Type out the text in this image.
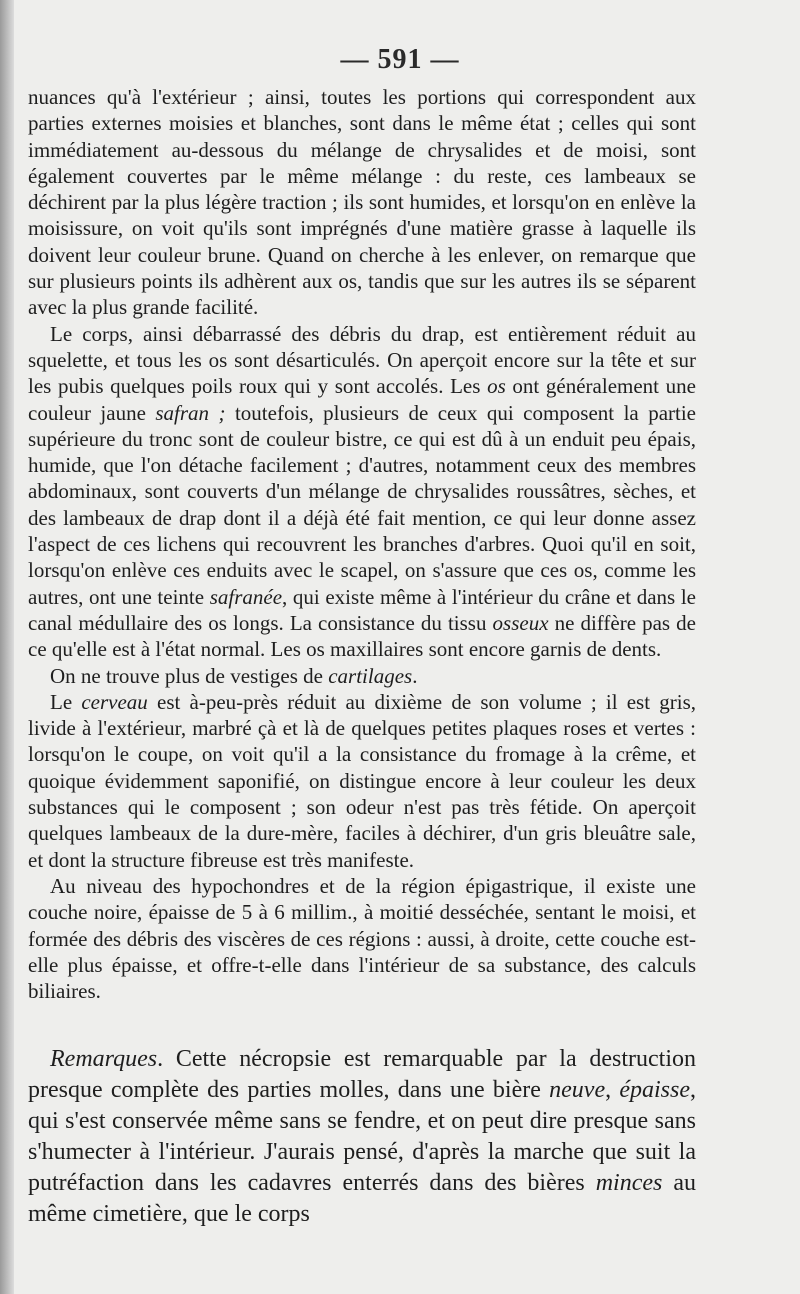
— 591 —

nuances qu'à l'extérieur ; ainsi, toutes les portions qui correspondent aux parties externes moisies et blanches, sont dans le même état ; celles qui sont immédiatement au-dessous du mélange de chrysalides et de moisi, sont également couvertes par le même mélange : du reste, ces lambeaux se déchirent par la plus légère traction ; ils sont humides, et lorsqu'on en enlève la moisissure, on voit qu'ils sont imprégnés d'une matière grasse à laquelle ils doivent leur couleur brune. Quand on cherche à les enlever, on remarque que sur plusieurs points ils adhèrent aux os, tandis que sur les autres ils se séparent avec la plus grande facilité.

Le corps, ainsi débarrassé des débris du drap, est entièrement réduit au squelette, et tous les os sont désarticulés. On aperçoit encore sur la tête et sur les pubis quelques poils roux qui y sont accolés. Les os ont généralement une couleur jaune safran ; toutefois, plusieurs de ceux qui composent la partie supérieure du tronc sont de couleur bistre, ce qui est dû à un enduit peu épais, humide, que l'on détache facilement ; d'autres, notamment ceux des membres abdominaux, sont couverts d'un mélange de chrysalides roussâtres, sèches, et des lambeaux de drap dont il a déjà été fait mention, ce qui leur donne assez l'aspect de ces lichens qui recouvrent les branches d'arbres. Quoi qu'il en soit, lorsqu'on enlève ces enduits avec le scapel, on s'assure que ces os, comme les autres, ont une teinte safranée, qui existe même à l'intérieur du crâne et dans le canal médullaire des os longs. La consistance du tissu osseux ne diffère pas de ce qu'elle est à l'état normal. Les os maxillaires sont encore garnis de dents.

On ne trouve plus de vestiges de cartilages.

Le cerveau est à-peu-près réduit au dixième de son volume ; il est gris, livide à l'extérieur, marbré çà et là de quelques petites plaques roses et vertes : lorsqu'on le coupe, on voit qu'il a la consistance du fromage à la crême, et quoique évidemment saponifié, on distingue encore à leur couleur les deux substances qui le composent ; son odeur n'est pas très fétide. On aperçoit quelques lambeaux de la dure-mère, faciles à déchirer, d'un gris bleuâtre sale, et dont la structure fibreuse est très manifeste.

Au niveau des hypochondres et de la région épigastrique, il existe une couche noire, épaisse de 5 à 6 millim., à moitié desséchée, sentant le moisi, et formée des débris des viscères de ces régions : aussi, à droite, cette couche est-elle plus épaisse, et offre-t-elle dans l'intérieur de sa substance, des calculs biliaires.

Remarques. Cette nécropsie est remarquable par la destruction presque complète des parties molles, dans une bière neuve, épaisse, qui s'est conservée même sans se fendre, et on peut dire presque sans s'humecter à l'intérieur. J'aurais pensé, d'après la marche que suit la putréfaction dans les cadavres enterrés dans des bières minces au même cimetière, que le corps
